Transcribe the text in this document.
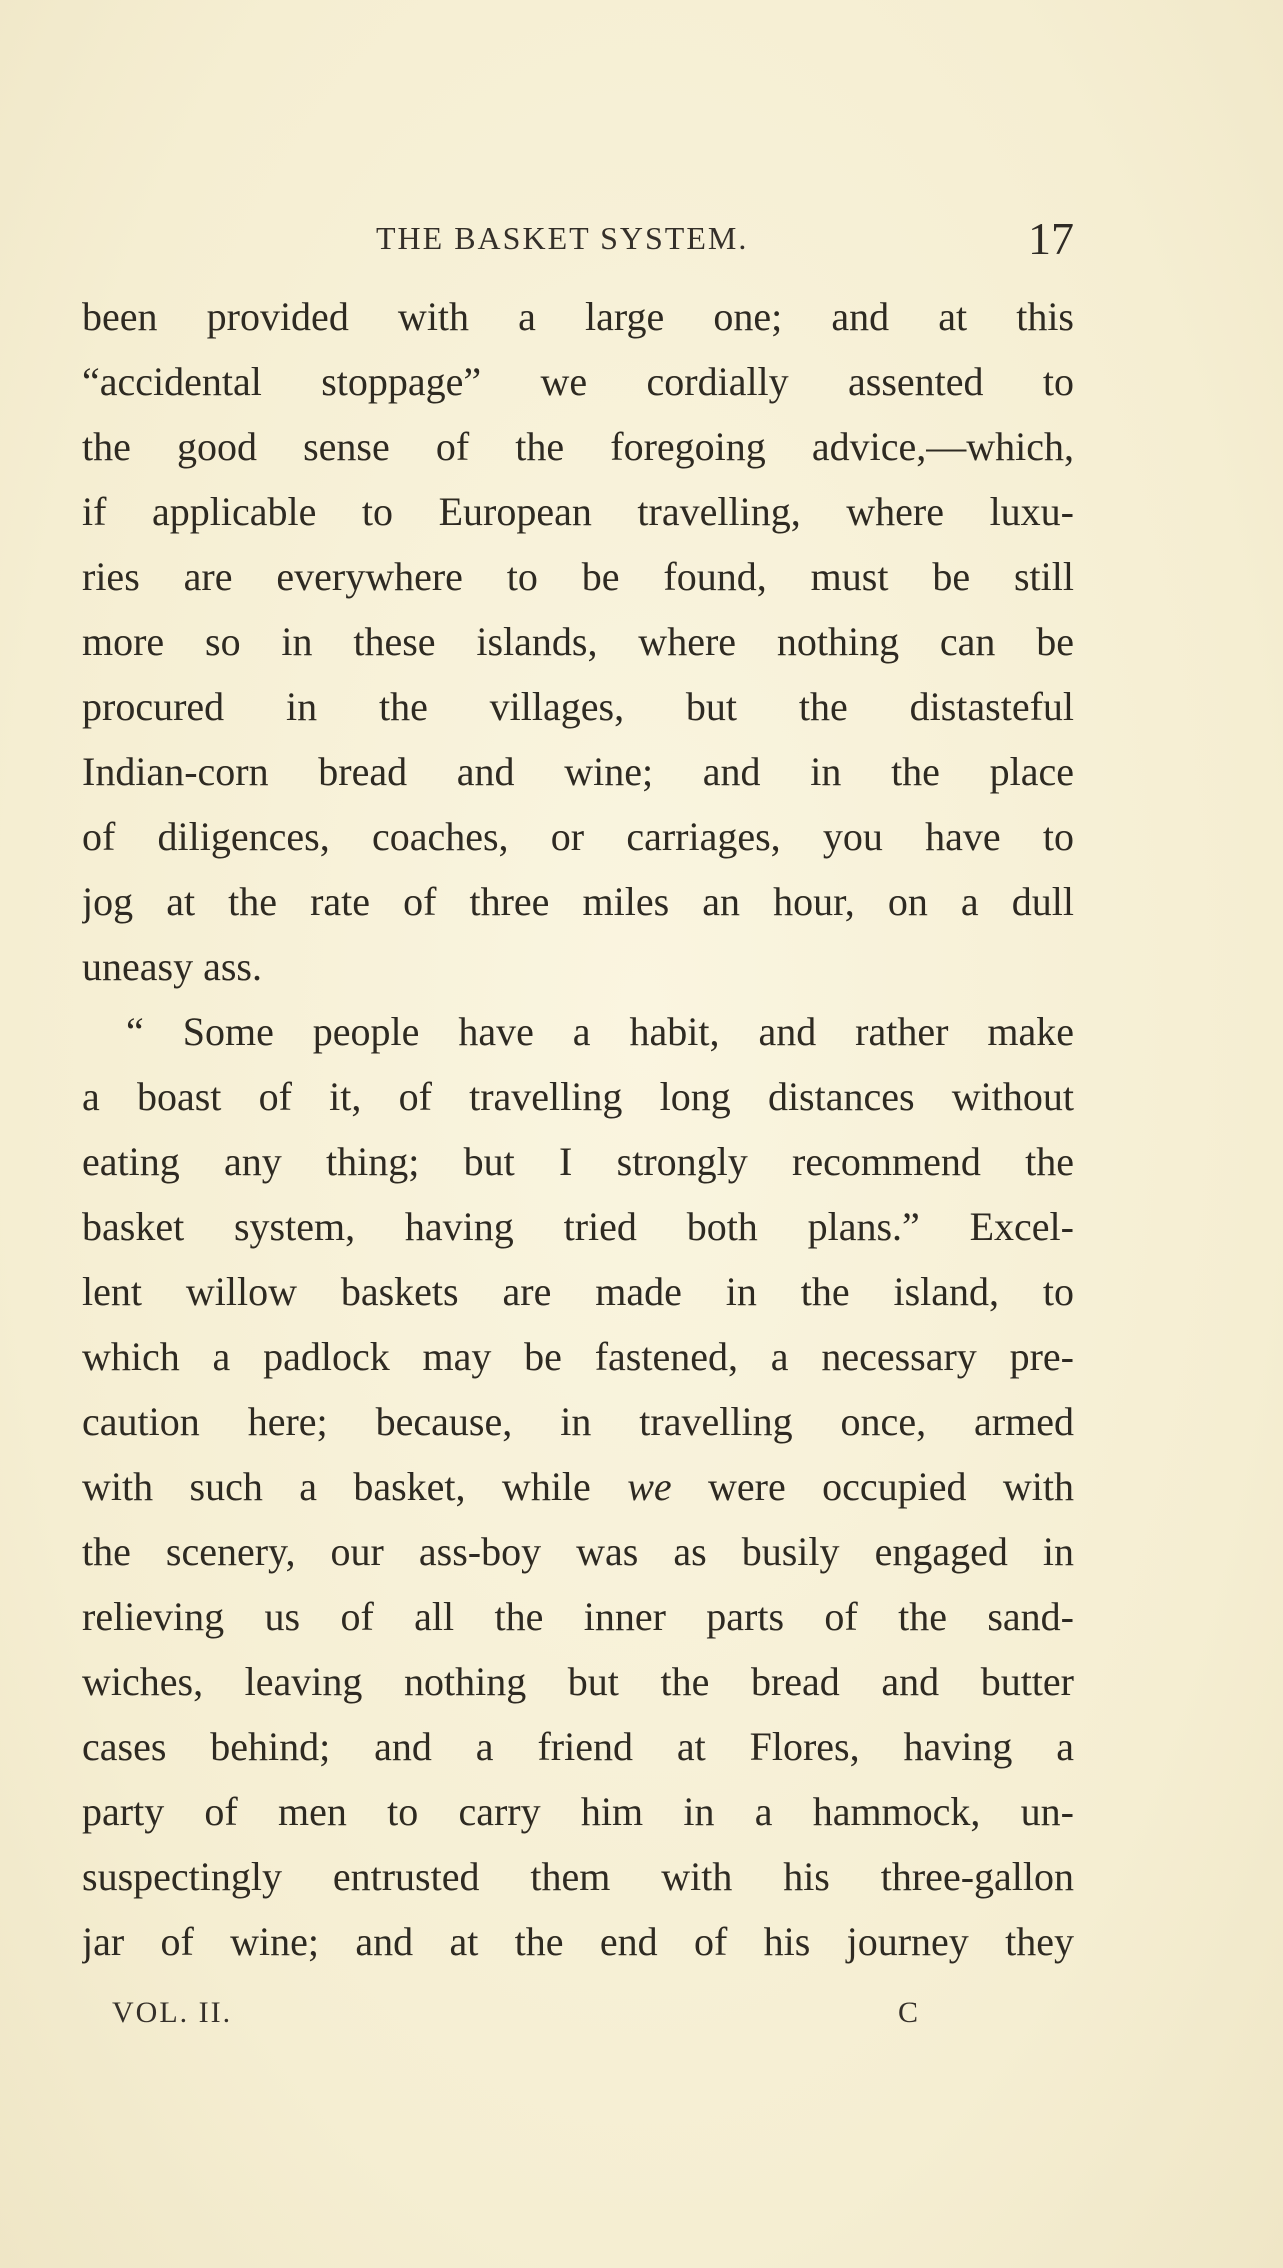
THE BASKET SYSTEM.	17
been provided with a large one; and at this
“accidental stoppage” we cordially assented to
the good sense of the foregoing advice,—which,
if applicable to European travelling, where luxu-
ries are everywhere to be found, must be still
more so in these islands, where nothing can be
procured in the villages, but the distasteful
Indian-corn bread and wine; and in the place
of diligences, coaches, or carriages, you have to
jog at the rate of three miles an hour, on a dull
uneasy ass.
“ Some people have a habit, and rather make
a boast of it, of travelling long distances without
eating any thing; but I strongly recommend the
basket system, having tried both plans.” Excel-
lent willow baskets are made in the island, to
which a padlock may be fastened, a necessary pre-
caution here; because, in travelling once, armed
with such a basket, while we were occupied with
the scenery, our ass-boy was as busily engaged in
relieving us of all the inner parts of the sand-
wiches, leaving nothing but the bread and butter
cases behind; and a friend at Flores, having a
party of men to carry him in a hammock, un-
suspectingly entrusted them with his three-gallon
jar of wine; and at the end of his journey they
VOL. II.	C
